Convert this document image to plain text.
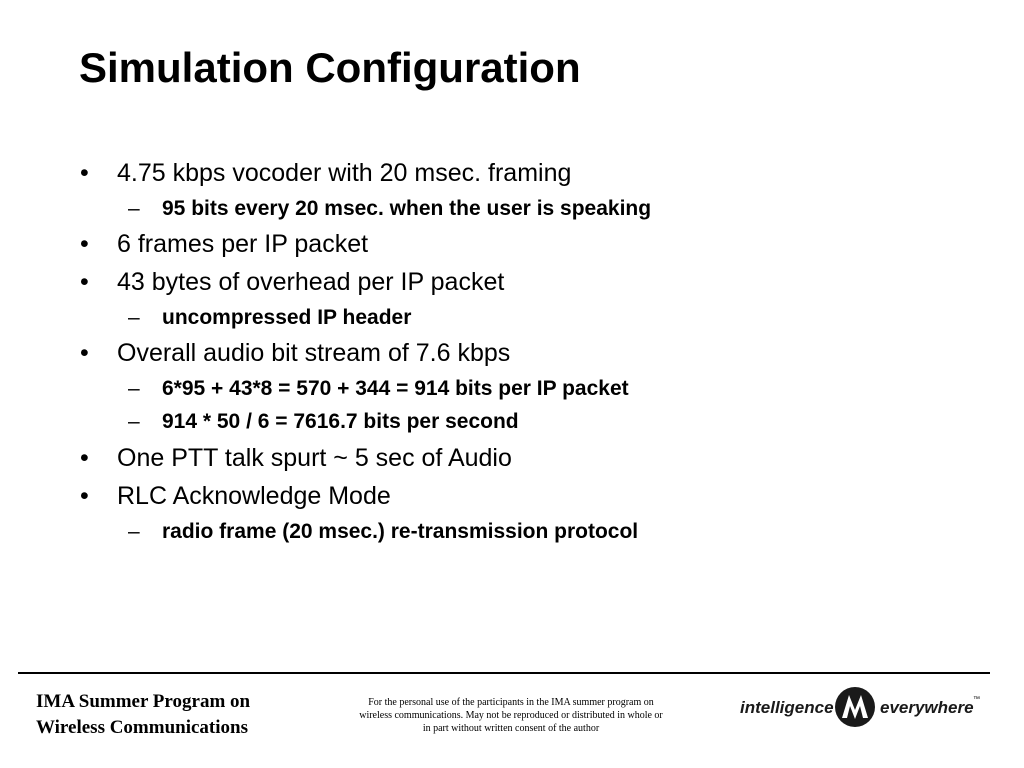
Simulation Configuration
• 4.75 kbps vocoder with 20 msec. framing
– 95 bits every 20 msec. when the user is speaking
• 6 frames per IP packet
• 43 bytes of overhead per IP packet
– uncompressed IP header
• Overall audio bit stream of 7.6 kbps
– 6*95 + 43*8 = 570 + 344 = 914 bits per IP packet
– 914 * 50 / 6 = 7616.7 bits per second
• One PTT talk spurt ~ 5 sec of Audio
• RLC Acknowledge Mode
– radio frame (20 msec.) re-transmission protocol
IMA Summer Program on
Wireless Communications
For the personal use of the participants in the IMA summer program on
wireless communications. May not be reproduced or distributed in whole or
in part without written consent of the author
intelligence	everywhere ™
